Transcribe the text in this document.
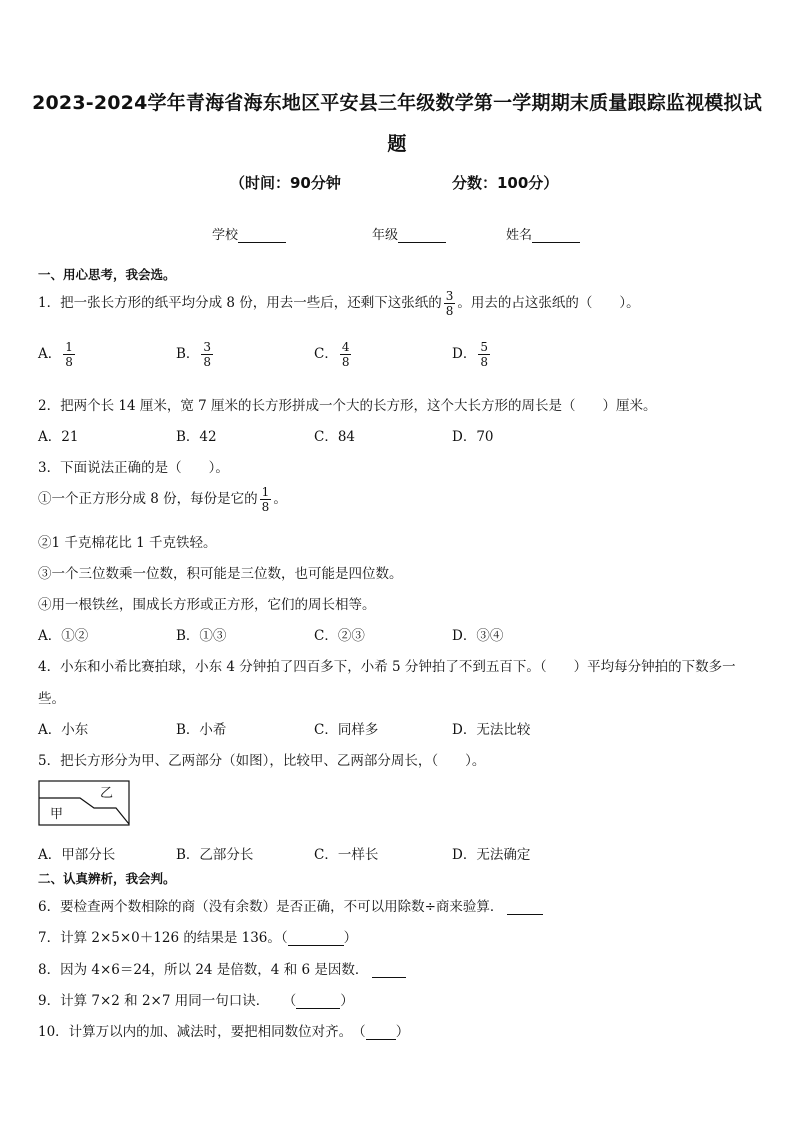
2023-2024学年青海省海东地区平安县三年级数学第一学期期末质量跟踪监视模拟试
题
（时间：90分钟	分数：100分）
学校	年级	姓名
一、用心思考，我会选。
1．把一张长方形的纸平均分成 8 份，用去一些后，还剩下这张纸的 $\frac{3}{8}$ 。用去的占这张纸的（　　）。
A． $\frac{1}{8}$	B． $\frac{3}{8}$	C． $\frac{4}{8}$	D． $\frac{5}{8}$
2．把两个长 14 厘米，宽 7 厘米的长方形拼成一个大的长方形，这个大长方形的周长是（　　）厘米。
A．21	B．42	C．84	D．70
3．下面说法正确的是（　　）。
①一个正方形分成 8 份，每份是它的 $\frac{1}{8}$ 。
②1 千克棉花比 1 千克铁轻。
③一个三位数乘一位数，积可能是三位数，也可能是四位数。
④用一根铁丝，围成长方形或正方形，它们的周长相等。
A．①②	B．①③	C．②③	D．③④
4．小东和小希比赛拍球，小东 4 分钟拍了四百多下，小希 5 分钟拍了不到五百下。（　　）平均每分钟拍的下数多一
些。
A．小东	B．小希	C．同样多	D．无法比较
5．把长方形分为甲、乙两部分（如图），比较甲、乙两部分周长，（　　）。
甲
乙
A．甲部分长	B．乙部分长	C．一样长	D．无法确定
二、认真辨析，我会判。
6．要检查两个数相除的商（没有余数）是否正确，不可以用除数÷商来验算．
7．计算 2×5×0＋126 的结果是 136。（	）
8．因为 4×6＝24，所以 24 是倍数，4 和 6 是因数．
9．计算 7×2 和 2×7 用同一句口诀．　　（	）
10．计算万以内的加、减法时，要把相同数位对齐。　（ ）
